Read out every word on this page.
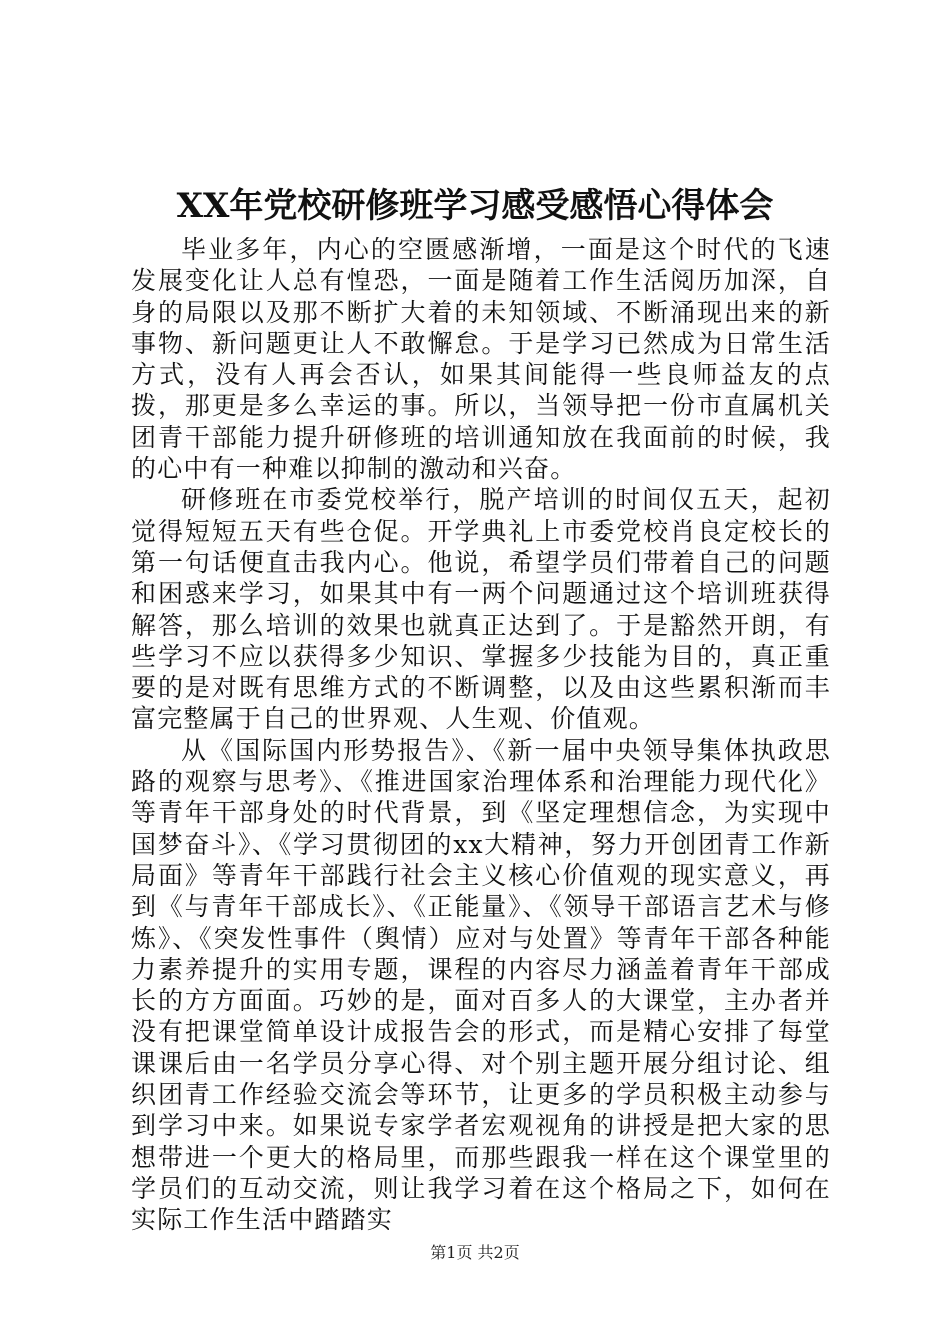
XX年党校研修班学习感受感悟心得体会

毕业多年，内心的空匮感渐增，一面是这个时代的飞速发展变化让人总有惶恐，一面是随着工作生活阅历加深，自身的局限以及那不断扩大着的未知领域、不断涌现出来的新事物、新问题更让人不敢懈怠。于是学习已然成为日常生活方式，没有人再会否认，如果其间能得一些良师益友的点拨，那更是多么幸运的事。所以，当领导把一份市直属机关团青干部能力提升研修班的培训通知放在我面前的时候，我的心中有一种难以抑制的激动和兴奋。

研修班在市委党校举行，脱产培训的时间仅五天，起初觉得短短五天有些仓促。开学典礼上市委党校肖良定校长的第一句话便直击我内心。他说，希望学员们带着自己的问题和困惑来学习，如果其中有一两个问题通过这个培训班获得解答，那么培训的效果也就真正达到了。于是豁然开朗，有些学习不应以获得多少知识、掌握多少技能为目的，真正重要的是对既有思维方式的不断调整，以及由这些累积渐而丰富完整属于自己的世界观、人生观、价值观。

从《国际国内形势报告》、《新一届中央领导集体执政思路的观察与思考》、《推进国家治理体系和治理能力现代化》等青年干部身处的时代背景，到《坚定理想信念，为实现中国梦奋斗》、《学习贯彻团的xx大精神，努力开创团青工作新局面》等青年干部践行社会主义核心价值观的现实意义，再到《与青年干部成长》、《正能量》、《领导干部语言艺术与修炼》、《突发性事件（舆情）应对与处置》等青年干部各种能力素养提升的实用专题，课程的内容尽力涵盖着青年干部成长的方方面面。巧妙的是，面对百多人的大课堂，主办者并没有把课堂简单设计成报告会的形式，而是精心安排了每堂课课后由一名学员分享心得、对个别主题开展分组讨论、组织团青工作经验交流会等环节，让更多的学员积极主动参与到学习中来。如果说专家学者宏观视角的讲授是把大家的思想带进一个更大的格局里，而那些跟我一样在这个课堂里的学员们的互动交流，则让我学习着在这个格局之下，如何在实际工作生活中踏踏实

第1页 共2页
